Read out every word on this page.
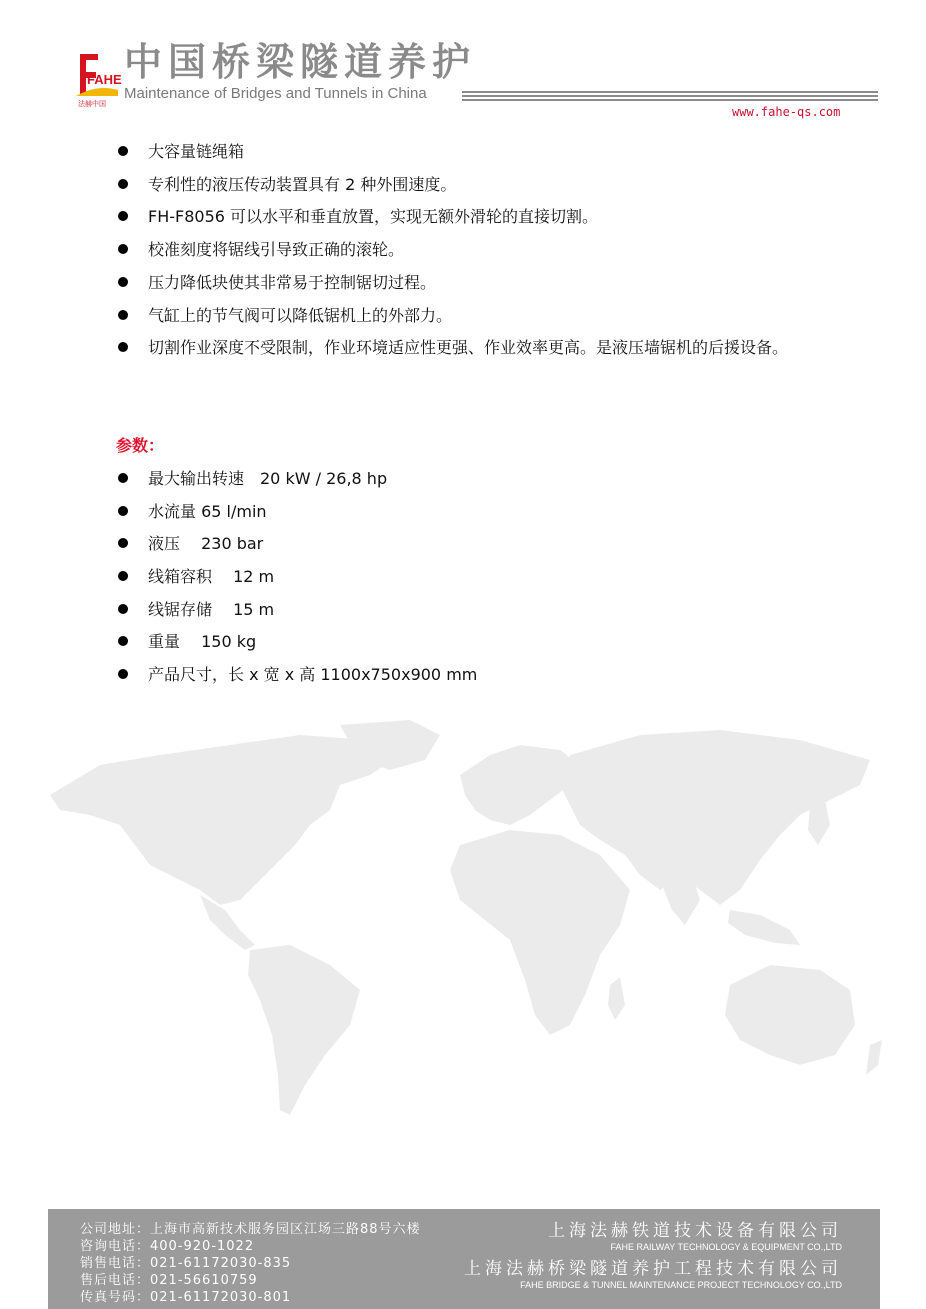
FAHE
法赫中国
中国桥梁隧道养护
Maintenance of Bridges and Tunnels in China
www.fahe-qs.com
大容量链绳箱
专利性的液压传动装置具有 2 种外围速度。
FH-F8056 可以水平和垂直放置，实现无额外滑轮的直接切割。
校准刻度将锯线引导致正确的滚轮。
压力降低块使其非常易于控制锯切过程。
气缸上的节气阀可以降低锯机上的外部力。
切割作业深度不受限制，作业环境适应性更强、作业效率更高。是液压墙锯机的后援设备。
参数：
最大输出转速　20 kW / 26,8 hp
水流量 65 l/min
液压　 230 bar
线箱容积　 12 m
线锯存储　 15 m
重量　 150 kg
产品尺寸，长 x 宽 x 高 1100x750x900 mm
公司地址：上海市高新技术服务园区江场三路88号六楼
咨询电话：400-920-1022
销售电话：021-61172030-835
售后电话：021-56610759
传真号码：021-61172030-801
上海法赫铁道技术设备有限公司
FAHE RAILWAY TECHNOLOGY & EQUIPMENT CO.,LTD
上海法赫桥梁隧道养护工程技术有限公司
FAHE BRIDGE & TUNNEL MAINTENANCE PROJECT TECHNOLOGY CO.,LTD
